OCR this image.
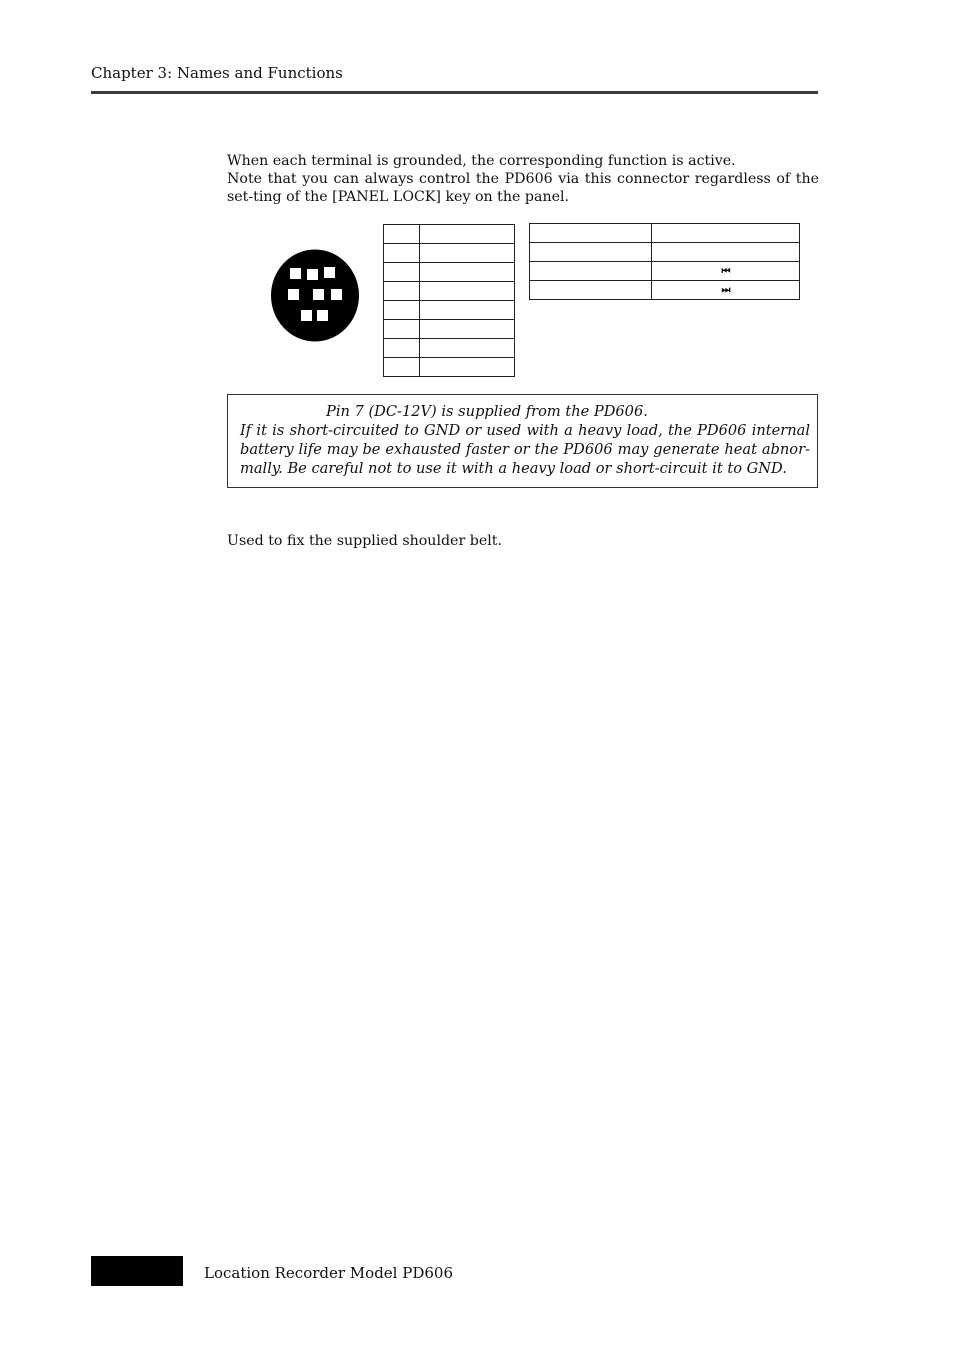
Chapter 3: Names and Functions

When each terminal is grounded, the corresponding function is active.

Note that you can always control the PD606 via this connector regardless of the set-ting of the [PANEL LOCK] key on the panel.

	⏮
	⏭

Pin 7 (DC-12V) is supplied from the PD606.

If it is short-circuited to GND or used with a heavy load, the PD606 internal battery life may be exhausted faster or the PD606 may generate heat abnor-mally. Be careful not to use it with a heavy load or short-circuit it to GND.

Used to fix the supplied shoulder belt.

Location Recorder Model PD606
